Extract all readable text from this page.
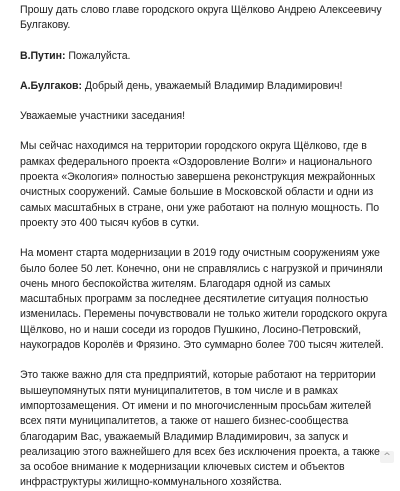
Прошу дать слово главе городского округа Щёлково Андрею Алексеевичу Булгакову.

В.Путин: Пожалуйста.

А.Булгаков: Добрый день, уважаемый Владимир Владимирович!

Уважаемые участники заседания!

Мы сейчас находимся на территории городского округа Щёлково, где в рамках федерального проекта «Оздоровление Волги» и национального проекта «Экология» полностью завершена реконструкция межрайонных очистных сооружений. Самые большие в Московской области и одни из самых масштабных в стране, они уже работают на полную мощность. По проекту это 400 тысяч кубов в сутки.

На момент старта модернизации в 2019 году очистным сооружениям уже было более 50 лет. Конечно, они не справлялись с нагрузкой и причиняли очень много беспокойства жителям. Благодаря одной из самых масштабных программ за последнее десятилетие ситуация полностью изменилась. Перемены почувствовали не только жители городского округа Щёлково, но и наши соседи из городов Пушкино, Лосино-Петровский, наукоградов Королёв и Фрязино. Это суммарно более 700 тысяч жителей.

Это также важно для ста предприятий, которые работают на территории вышеупомянутых пяти муниципалитетов, в том числе и в рамках импортозамещения. От имени и по многочисленным просьбам жителей всех пяти муниципалитетов, а также от нашего бизнес-сообщества благодарим Вас, уважаемый Владимир Владимирович, за запуск и реализацию этого важнейшего для всех без исключения проекта, а также за особое внимание к модернизации ключевых систем и объектов инфраструктуры жилищно-коммунального хозяйства.

^
